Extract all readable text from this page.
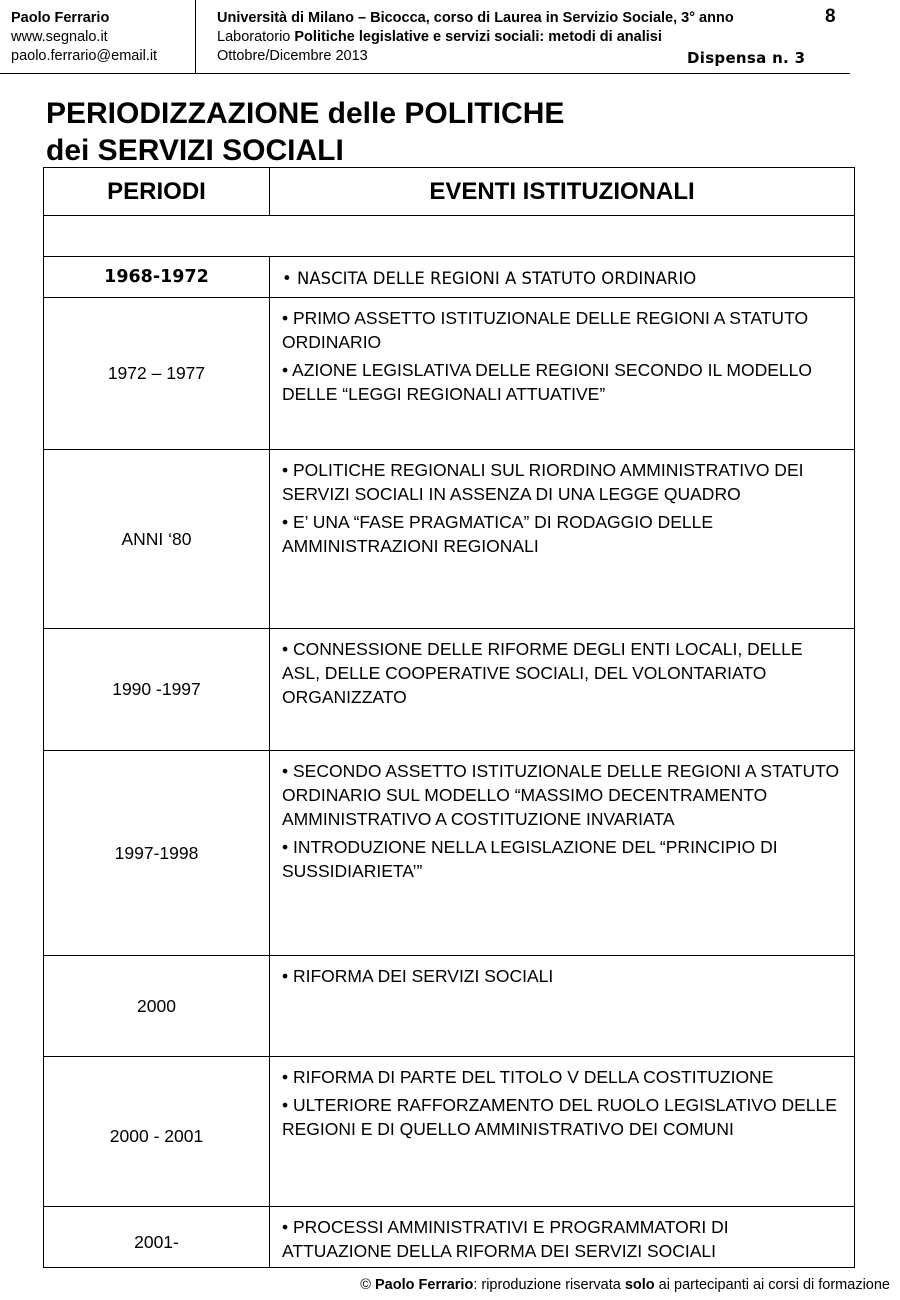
Paolo Ferrario
www.segnalo.it
paolo.ferrario@email.it
Università di Milano – Bicocca, corso di Laurea in Servizio Sociale, 3° anno
Laboratorio Politiche legislative e servizi sociali: metodi di analisi
Ottobre/Dicembre 2013
8
Dispensa n. 3
PERIODIZZAZIONE delle POLITICHE
dei SERVIZI SOCIALI
PERIODI	EVENTI ISTITUZIONALI

1968-1972	• NASCITA DELLE REGIONI A STATUTO ORDINARIO

1972 – 1977	• PRIMO ASSETTO ISTITUZIONALE DELLE REGIONI A STATUTO ORDINARIO

• AZIONE LEGISLATIVA DELLE REGIONI SECONDO IL MODELLO DELLE “LEGGI REGIONALI ATTUATIVE”

ANNI ‘80	• POLITICHE REGIONALI SUL RIORDINO AMMINISTRATIVO DEI SERVIZI SOCIALI IN ASSENZA DI UNA LEGGE QUADRO

• E’ UNA “FASE PRAGMATICA” DI RODAGGIO DELLE AMMINISTRAZIONI REGIONALI

1990 -1997	• CONNESSIONE DELLE RIFORME DEGLI ENTI LOCALI, DELLE ASL, DELLE COOPERATIVE SOCIALI, DEL VOLONTARIATO ORGANIZZATO

1997-1998	• SECONDO ASSETTO ISTITUZIONALE DELLE REGIONI A STATUTO ORDINARIO SUL MODELLO “MASSIMO DECENTRAMENTO AMMINISTRATIVO A COSTITUZIONE INVARIATA

• INTRODUZIONE NELLA LEGISLAZIONE DEL “PRINCIPIO DI SUSSIDIARIETA’”

2000	• RIFORMA DEI SERVIZI SOCIALI

2000 - 2001	• RIFORMA DI PARTE DEL TITOLO V DELLA COSTITUZIONE

• ULTERIORE RAFFORZAMENTO DEL RUOLO LEGISLATIVO DELLE REGIONI E DI QUELLO AMMINISTRATIVO DEI COMUNI

2001-	• PROCESSI AMMINISTRATIVI E PROGRAMMATORI DI ATTUAZIONE DELLA RIFORMA DEI SERVIZI SOCIALI

© Paolo Ferrario: riproduzione riservata solo ai partecipanti ai corsi di formazione
